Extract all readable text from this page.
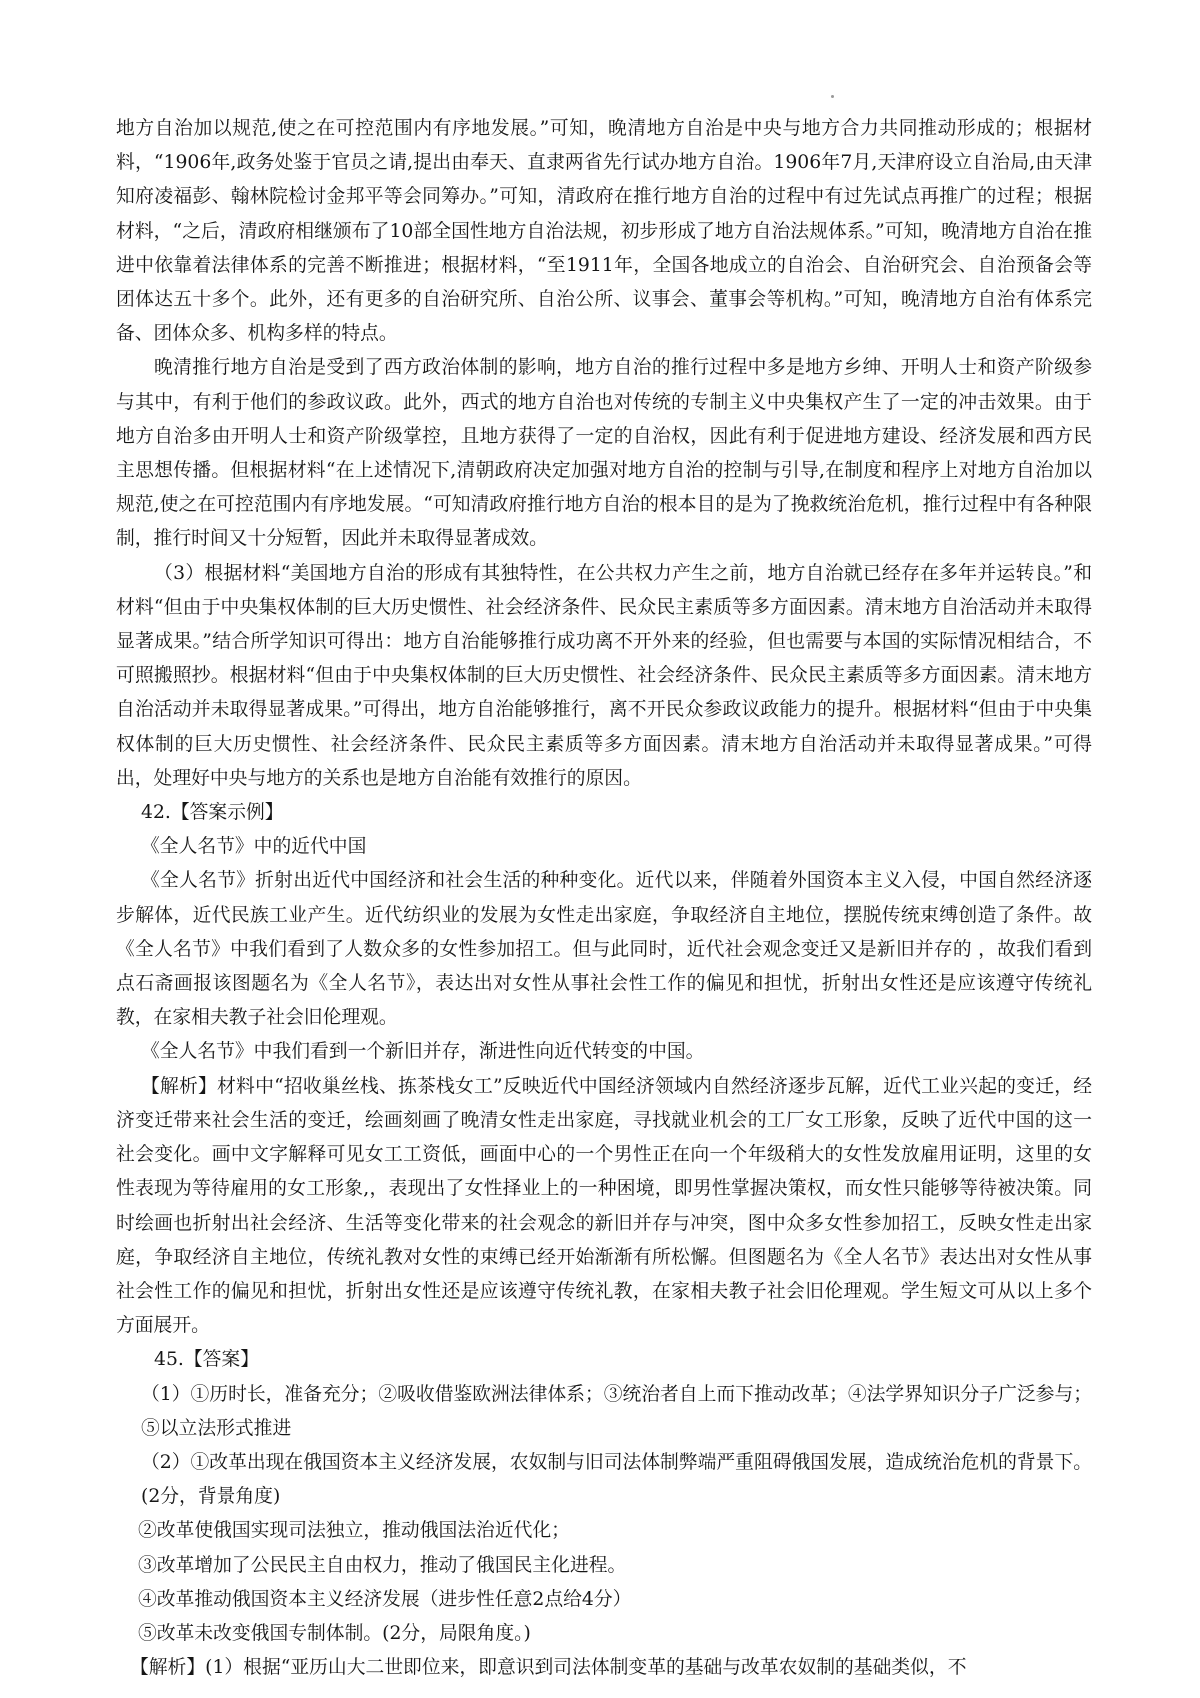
地方自治加以规范,使之在可控范围内有序地发展。”可知，晚清地方自治是中央与地方合力共同推动形成的；根据材料，“1906年,政务处鉴于官员之请,提出由奉天、直隶两省先行试办地方自治。1906年7月,天津府设立自治局,由天津知府凌福彭、翰林院检讨金邦平等会同筹办。”可知，清政府在推行地方自治的过程中有过先试点再推广的过程；根据材料，“之后，清政府相继颁布了10部全国性地方自治法规，初步形成了地方自治法规体系。”可知，晚清地方自治在推进中依靠着法律体系的完善不断推进；根据材料，“至1911年，全国各地成立的自治会、自治研究会、自治预备会等团体达五十多个。此外，还有更多的自治研究所、自治公所、议事会、董事会等机构。”可知，晚清地方自治有体系完备、团体众多、机构多样的特点。

晚清推行地方自治是受到了西方政治体制的影响，地方自治的推行过程中多是地方乡绅、开明人士和资产阶级参与其中，有利于他们的参政议政。此外，西式的地方自治也对传统的专制主义中央集权产生了一定的冲击效果。由于地方自治多由开明人士和资产阶级掌控，且地方获得了一定的自治权，因此有利于促进地方建设、经济发展和西方民主思想传播。但根据材料“在上述情况下,清朝政府决定加强对地方自治的控制与引导,在制度和程序上对地方自治加以规范,使之在可控范围内有序地发展。“可知清政府推行地方自治的根本目的是为了挽救统治危机，推行过程中有各种限制，推行时间又十分短暂，因此并未取得显著成效。

（3）根据材料“美国地方自治的形成有其独特性，在公共权力产生之前，地方自治就已经存在多年并运转良。”和材料“但由于中央集权体制的巨大历史惯性、社会经济条件、民众民主素质等多方面因素。清末地方自治活动并未取得显著成果。”结合所学知识可得出：地方自治能够推行成功离不开外来的经验，但也需要与本国的实际情况相结合，不可照搬照抄。根据材料“但由于中央集权体制的巨大历史惯性、社会经济条件、民众民主素质等多方面因素。清末地方自治活动并未取得显著成果。”可得出，地方自治能够推行，离不开民众参政议政能力的提升。根据材料“但由于中央集权体制的巨大历史惯性、社会经济条件、民众民主素质等多方面因素。清末地方自治活动并未取得显著成果。”可得出，处理好中央与地方的关系也是地方自治能有效推行的原因。

42.【答案示例】

《全人名节》中的近代中国

《全人名节》折射出近代中国经济和社会生活的种种变化。近代以来，伴随着外国资本主义入侵，中国自然经济逐步解体，近代民族工业产生。近代纺织业的发展为女性走出家庭，争取经济自主地位，摆脱传统束缚创造了条件。故《全人名节》中我们看到了人数众多的女性参加招工。但与此同时，近代社会观念变迁又是新旧并存的 ，故我们看到点石斋画报该图题名为《全人名节》，表达出对女性从事社会性工作的偏见和担忧，折射出女性还是应该遵守传统礼教，在家相夫教子社会旧伦理观。

《全人名节》中我们看到一个新旧并存，渐进性向近代转变的中国。

【解析】材料中“招收巢丝栈、拣茶栈女工”反映近代中国经济领域内自然经济逐步瓦解，近代工业兴起的变迁，经济变迁带来社会生活的变迁，绘画刻画了晚清女性走出家庭，寻找就业机会的工厂女工形象，反映了近代中国的这一社会变化。画中文字解释可见女工工资低，画面中心的一个男性正在向一个年级稍大的女性发放雇用证明，这里的女性表现为等待雇用的女工形象,，表现出了女性择业上的一种困境，即男性掌握决策权，而女性只能够等待被决策。同时绘画也折射出社会经济、生活等变化带来的社会观念的新旧并存与冲突，图中众多女性参加招工，反映女性走出家庭，争取经济自主地位，传统礼教对女性的束缚已经开始渐渐有所松懈。但图题名为《全人名节》表达出对女性从事社会性工作的偏见和担忧，折射出女性还是应该遵守传统礼教，在家相夫教子社会旧伦理观。学生短文可从以上多个方面展开。

45.【答案】

（1）①历时长，准备充分；②吸收借鉴欧洲法律体系；③统治者自上而下推动改革；④法学界知识分子广泛参与；⑤以立法形式推进

（2）①改革出现在俄国资本主义经济发展，农奴制与旧司法体制弊端严重阻碍俄国发展，造成统治危机的背景下。(2分，背景角度)

②改革使俄国实现司法独立，推动俄国法治近代化；

③改革增加了公民民主自由权力，推动了俄国民主化进程。

④改革推动俄国资本主义经济发展（进步性任意2点给4分）

⑤改革未改变俄国专制体制。(2分，局限角度。)

【解析】(1）根据“亚历山大二世即位来，即意识到司法体制变革的基础与改革农奴制的基础类似，不
